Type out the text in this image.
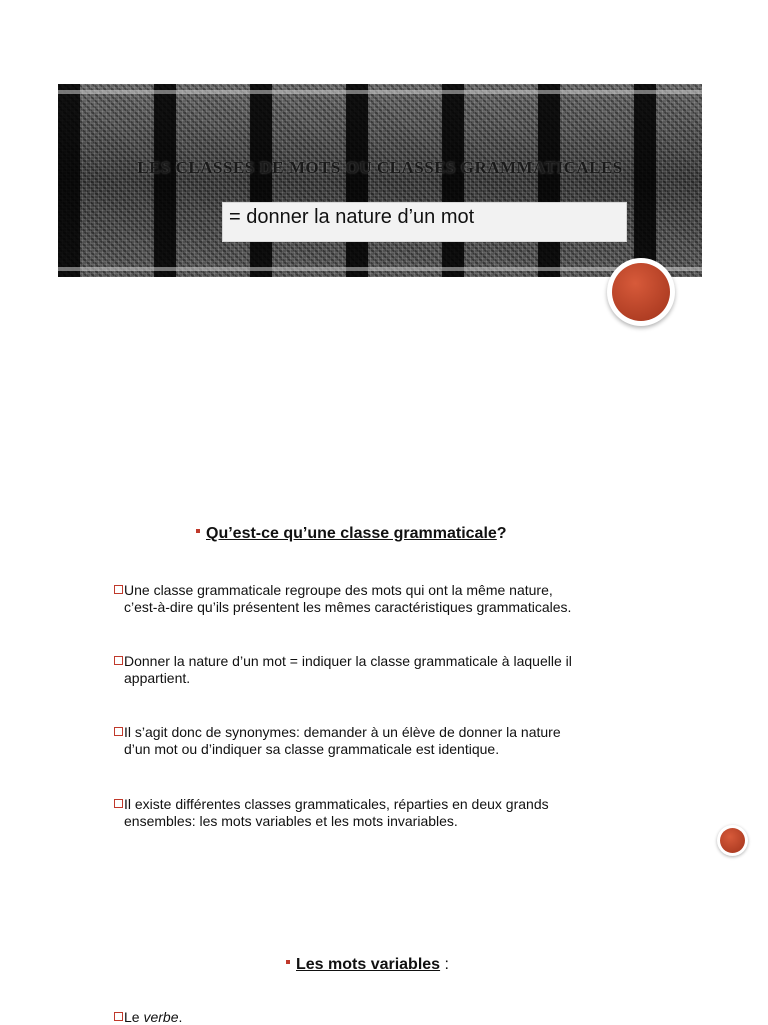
LES CLASSES DE MOTS OU CLASSES GRAMMATICALES
= donner la nature d’un mot
Qu’est-ce qu’une classe grammaticale?
Une classe grammaticale regroupe des mots qui ont la même nature,
c’est-à-dire qu’ils présentent les mêmes caractéristiques grammaticales.
Donner la nature d’un mot = indiquer la classe grammaticale à laquelle il
appartient.
Il s’agit donc de synonymes: demander à un élève de donner la nature
d’un mot ou d’indiquer sa classe grammaticale est identique.
Il existe différentes classes grammaticales, réparties en deux grands
ensembles: les mots variables et les mots invariables.
Les mots variables :
Le verbe.
